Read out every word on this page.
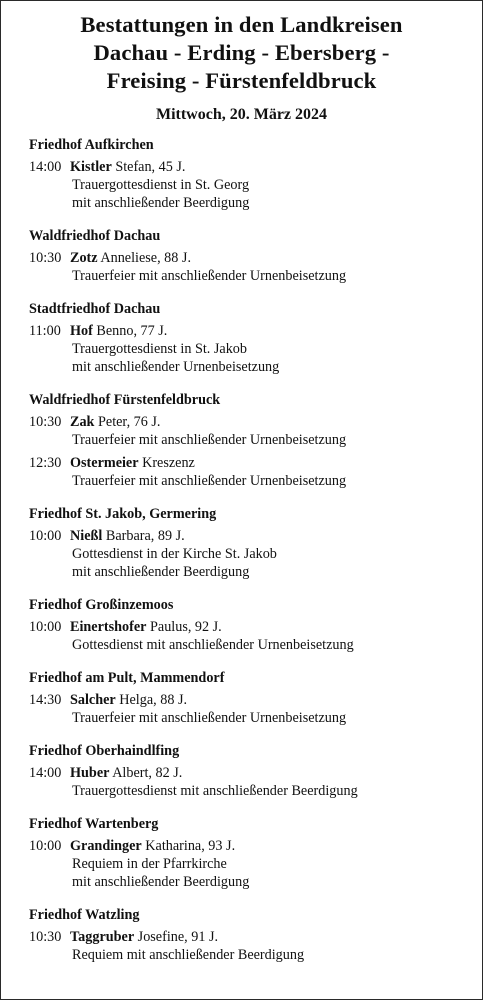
Bestattungen in den Landkreisen
Dachau - Erding - Ebersberg -
Freising - Fürstenfeldbruck
Mittwoch, 20. März 2024
Friedhof Aufkirchen
14:00 Kistler Stefan, 45 J.
Trauergottesdienst in St. Georg
mit anschließender Beerdigung
Waldfriedhof Dachau
10:30 Zotz Anneliese, 88 J.
Trauerfeier mit anschließender Urnenbeisetzung
Stadtfriedhof Dachau
11:00 Hof Benno, 77 J.
Trauergottesdienst in St. Jakob
mit anschließender Urnenbeisetzung
Waldfriedhof Fürstenfeldbruck
10:30 Zak Peter, 76 J.
Trauerfeier mit anschließender Urnenbeisetzung
12:30 Ostermeier Kreszenz
Trauerfeier mit anschließender Urnenbeisetzung
Friedhof St. Jakob, Germering
10:00 Nießl Barbara, 89 J.
Gottesdienst in der Kirche St. Jakob
mit anschließender Beerdigung
Friedhof Großinzemoos
10:00 Einertshofer Paulus, 92 J.
Gottesdienst mit anschließender Urnenbeisetzung
Friedhof am Pult, Mammendorf
14:30 Salcher Helga, 88 J.
Trauerfeier mit anschließender Urnenbeisetzung
Friedhof Oberhaindlfing
14:00 Huber Albert, 82 J.
Trauergottesdienst mit anschließender Beerdigung
Friedhof Wartenberg
10:00 Grandinger Katharina, 93 J.
Requiem in der Pfarrkirche
mit anschließender Beerdigung
Friedhof Watzling
10:30 Taggruber Josefine, 91 J.
Requiem mit anschließender Beerdigung
